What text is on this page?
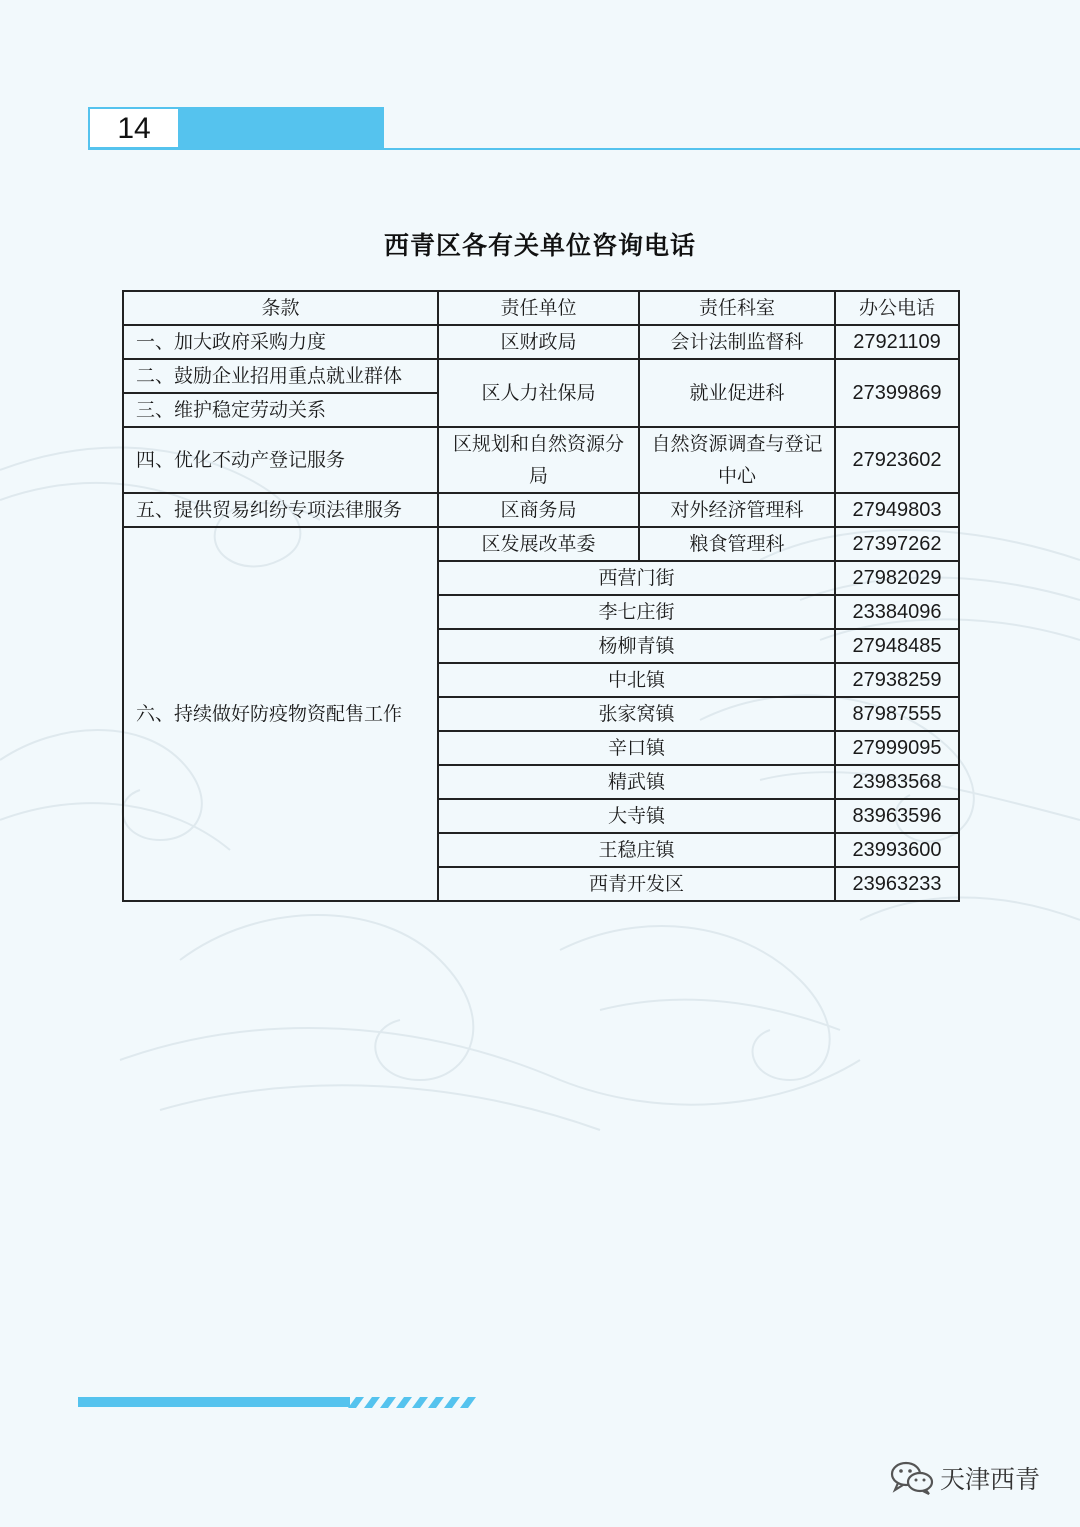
14
西青区各有关单位咨询电话
条款	责任单位	责任科室	办公电话
一、加大政府采购力度	区财政局	会计法制监督科	27921109
二、鼓励企业招用重点就业群体	区人力社保局	就业促进科	27399869
三、维护稳定劳动关系			
四、优化不动产登记服务	区规划和自然资源分局	自然资源调查与登记中心	27923602
五、提供贸易纠纷专项法律服务	区商务局	对外经济管理科	27949803
六、持续做好防疫物资配售工作	区发展改革委	粮食管理科	27397262
	西营门街		27982029
	李七庄街		23384096
	杨柳青镇		27948485
	中北镇		27938259
	张家窝镇		87987555
	辛口镇		27999095
	精武镇		23983568
	大寺镇		83963596
	王稳庄镇		23993600
	西青开发区		23963233
天津西青
